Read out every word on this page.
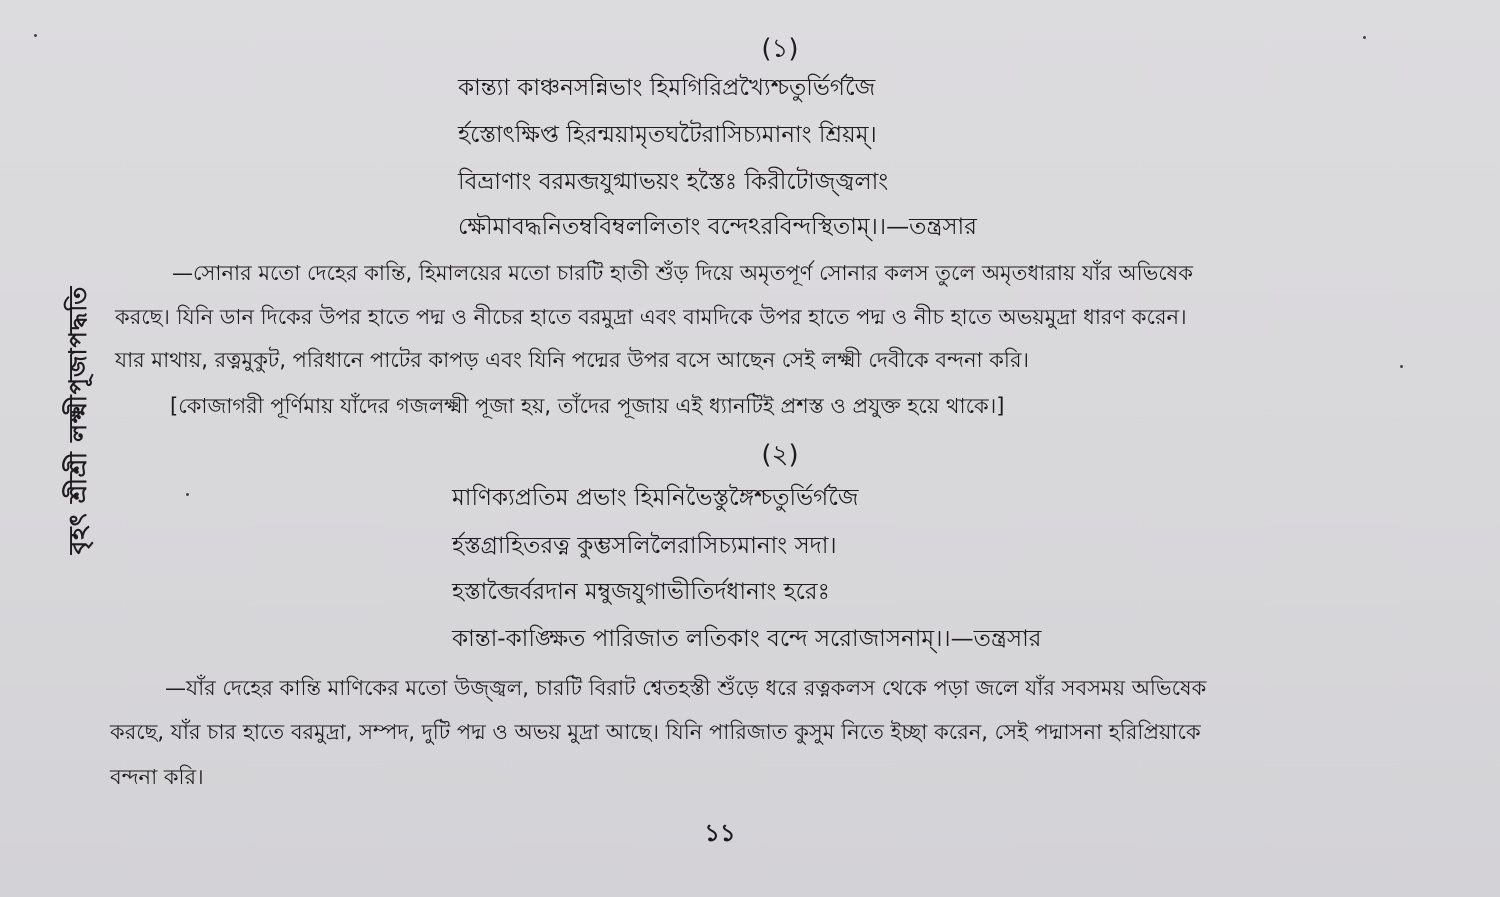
বৃহৎ শ্রীশ্রী লক্ষ্মীপূজাপদ্ধতি
(১)
কান্ত্যা কাঞ্চনসন্নিভাং হিমগিরিপ্রখ্যৈশ্চতুর্ভির্গজৈ
র্হস্তোৎক্ষিপ্ত হিরন্ময়ামৃতঘটৈরাসিচ্যমানাং শ্রিয়ম্।
বিভ্রাণাং বরমব্জযুগ্মাভয়ং হস্তৈঃ কিরীটোজ্জ্বলাং
ক্ষৌমাবদ্ধনিতম্ববিম্বললিতাং বন্দেঽরবিন্দস্থিতাম্।।—তন্ত্রসার
—সোনার মতো দেহের কান্তি, হিমালয়ের মতো চারটি হাতী শুঁড় দিয়ে অমৃতপূর্ণ সোনার কলস তুলে অমৃতধারায় যাঁর অভিষেক
করছে। যিনি ডান দিকের উপর হাতে পদ্ম ও নীচের হাতে বরমুদ্রা এবং বামদিকে উপর হাতে পদ্ম ও নীচ হাতে অভয়মুদ্রা ধারণ করেন।
যার মাথায়, রত্নমুকুট, পরিধানে পাটের কাপড় এবং যিনি পদ্মের উপর বসে আছেন সেই লক্ষ্মী দেবীকে বন্দনা করি।
[কোজাগরী পূর্ণিমায় যাঁদের গজলক্ষ্মী পূজা হয়, তাঁদের পূজায় এই ধ্যানটিই প্রশস্ত ও প্রযুক্ত হয়ে থাকে।]
(২)
মাণিক্যপ্রতিম প্রভাং হিমনিভৈস্তুঙ্গৈশ্চতুর্ভির্গজৈ
র্হস্তগ্রাহিতরত্ন কুম্ভসলিলৈরাসিচ্যমানাং সদা।
হস্তাব্জৈর্বরদান মম্বুজযুগাভীতির্দধানাং হরেঃ
কান্তা-কাঙ্ক্ষিত পারিজাত লতিকাং বন্দে সরোজাসনাম্।।—তন্ত্রসার
—যাঁর দেহের কান্তি মাণিকের মতো উজ্জ্বল, চারটি বিরাট শ্বেতহস্তী শুঁড়ে ধরে রত্নকলস থেকে পড়া জলে যাঁর সবসময় অভিষেক
করছে, যাঁর চার হাতে বরমুদ্রা, সম্পদ, দুটি পদ্ম ও অভয় মুদ্রা আছে। যিনি পারিজাত কুসুম নিতে ইচ্ছা করেন, সেই পদ্মাসনা হরিপ্রিয়াকে
বন্দনা করি।
১১
